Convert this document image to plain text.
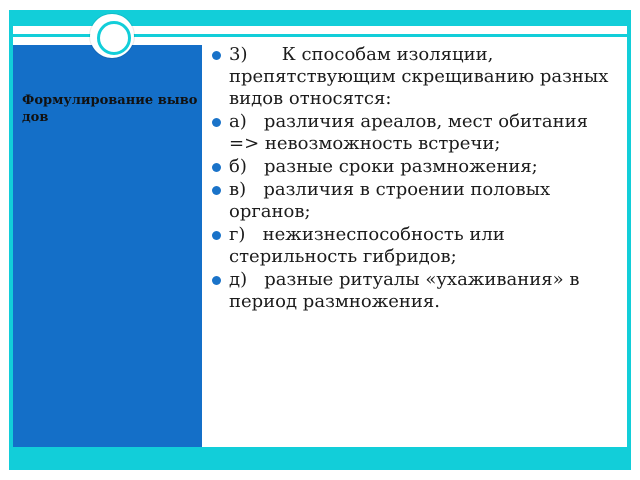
Формулирование выводов
3)      К способам изоляции, препятствующим скрещиванию разных видов относятся:
а)   различия ареалов, мест обитания => невозможность встречи;
б)   разные сроки размножения;
в)   различия в строении половых органов;
г)   нежизнеспособность или стерильность гибридов;
д)   разные ритуалы «ухаживания» в период размножения.
